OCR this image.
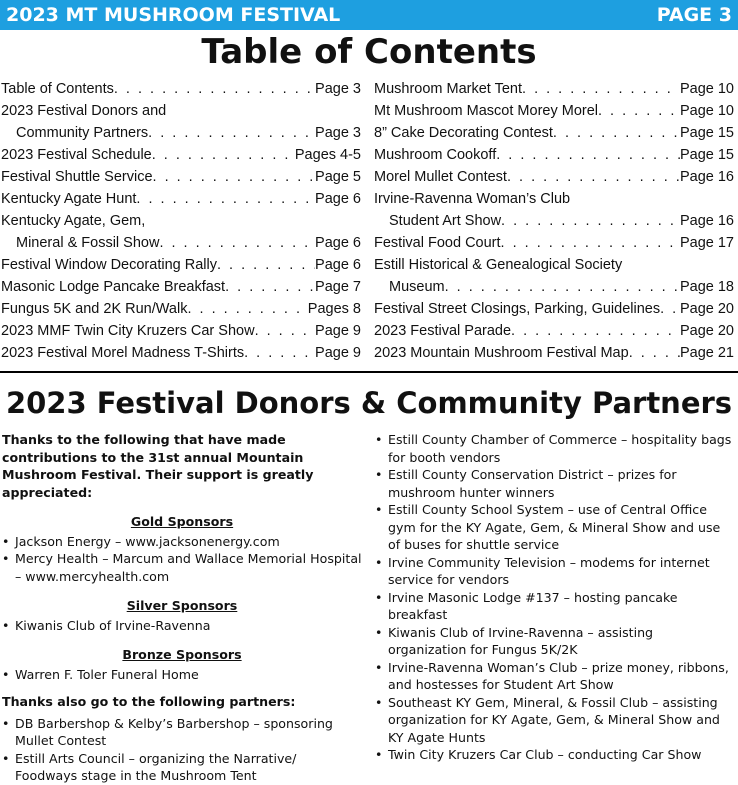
2023 MT MUSHROOM FESTIVAL	PAGE 3
Table of Contents
Table of Contents . . .	Page 3
2023 Festival Donors and
Community Partners . . .	Page 3
2023 Festival Schedule . . .	Pages 4-5
Festival Shuttle Service . . .	Page 5
Kentucky Agate Hunt . . .	Page 6
Kentucky Agate, Gem,
Mineral & Fossil Show . . .	Page 6
Festival Window Decorating Rally . . .	Page 6
Masonic Lodge Pancake Breakfast . . .	Page 7
Fungus 5K and 2K Run/Walk . . .	Pages 8
2023 MMF Twin City Kruzers Car Show . . .	Page 9
2023 Festival Morel Madness T-Shirts . . .	Page 9
Mushroom Market Tent . . .	Page 10
Mt Mushroom Mascot Morey Morel . . .	Page 10
8” Cake Decorating Contest . . .	Page 15
Mushroom Cookoff . . .	Page 15
Morel Mullet Contest . . .	Page 16
Irvine-Ravenna Woman’s Club
Student Art Show . . .	Page 16
Festival Food Court . . .	Page 17
Estill Historical & Genealogical Society
Museum . . .	Page 18
Festival Street Closings, Parking, Guidelines . . . Page 20
2023 Festival Parade . . .	Page 20
2023 Mountain Mushroom Festival Map . . .	Page 21
2023 Festival Donors & Community Partners

Thanks to the following that have made contributions to the 31st annual Mountain Mushroom Festival. Their support is greatly appreciated:

Gold Sponsors
• Jackson Energy – www.jacksonenergy.com
• Mercy Health – Marcum and Wallace Memorial Hospital – www.mercyhealth.com
Silver Sponsors
• Kiwanis Club of Irvine-Ravenna
Bronze Sponsors
• Warren F. Toler Funeral Home
Thanks also go to the following partners:
• DB Barbershop & Kelby’s Barbershop – sponsoring Mullet Contest
• Estill Arts Council – organizing the Narrative/ Foodways stage in the Mushroom Tent
• Estill County Chamber of Commerce – hospitality bags for booth vendors
• Estill County Conservation District – prizes for mushroom hunter winners
• Estill County School System – use of Central Office gym for the KY Agate, Gem, & Mineral Show and use of buses for shuttle service
• Irvine Community Television – modems for internet service for vendors
• Irvine Masonic Lodge #137 – hosting pancake breakfast
• Kiwanis Club of Irvine-Ravenna – assisting organization for Fungus 5K/2K
• Irvine-Ravenna Woman’s Club – prize money, ribbons, and hostesses for Student Art Show
• Southeast KY Gem, Mineral, & Fossil Club – assisting organization for KY Agate, Gem, & Mineral Show and KY Agate Hunts
• Twin City Kruzers Car Club – conducting Car Show
